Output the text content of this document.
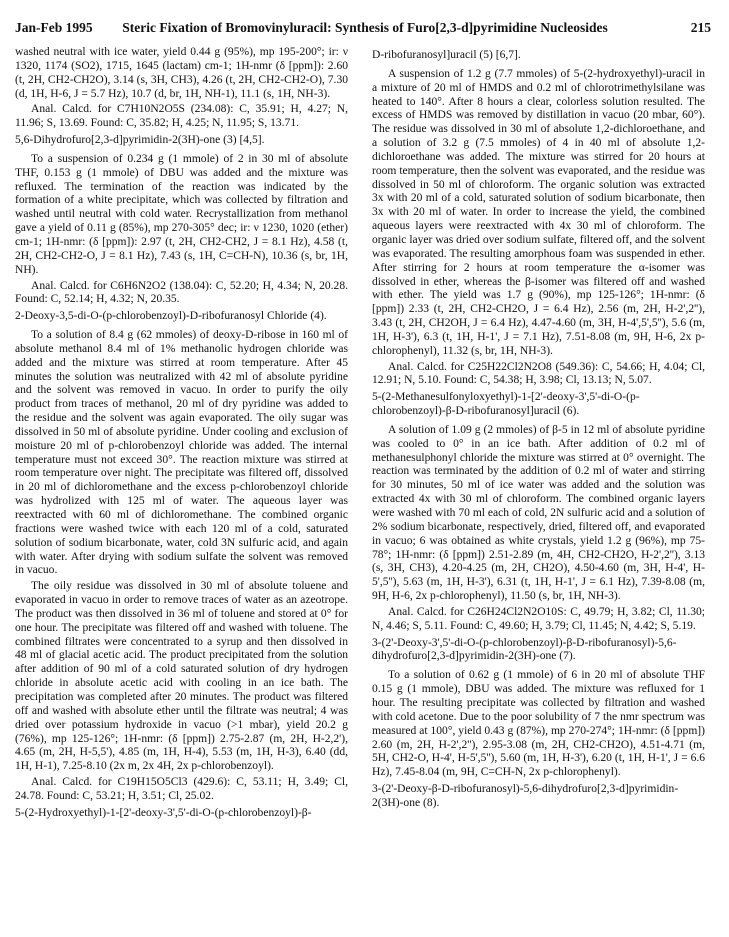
Jan-Feb 1995	Steric Fixation of Bromovinyluracil: Synthesis of Furo[2,3-d]pyrimidine Nucleosides	215

washed neutral with ice water, yield 0.44 g (95%), mp 195-200°; ir: ν 1320, 1174 (SO2), 1715, 1645 (lactam) cm-1; 1H-nmr (δ [ppm]): 2.60 (t, 2H, CH2-CH2O), 3.14 (s, 3H, CH3), 4.26 (t, 2H, CH2-CH2-O), 7.30 (d, 1H, H-6, J = 5.7 Hz), 10.7 (d, br, 1H, NH-1), 11.1 (s, 1H, NH-3).

Anal. Calcd. for C7H10N2O5S (234.08): C, 35.91; H, 4.27; N, 11.96; S, 13.69. Found: C, 35.82; H, 4.25; N, 11.95; S, 13.71.

5,6-Dihydrofuro[2,3-d]pyrimidin-2(3H)-one (3) [4,5].

To a suspension of 0.234 g (1 mmole) of 2 in 30 ml of absolute THF, 0.153 g (1 mmole) of DBU was added and the mixture was refluxed. The termination of the reaction was indicated by the formation of a white precipitate, which was collected by filtration and washed until neutral with cold water. Recrystallization from methanol gave a yield of 0.11 g (85%), mp 270-305° dec; ir: ν 1230, 1020 (ether) cm-1; 1H-nmr: (δ [ppm]): 2.97 (t, 2H, CH2-CH2, J = 8.1 Hz), 4.58 (t, 2H, CH2-CH2-O, J = 8.1 Hz), 7.43 (s, 1H, C=CH-N), 10.36 (s, br, 1H, NH).

Anal. Calcd. for C6H6N2O2 (138.04): C, 52.20; H, 4.34; N, 20.28. Found: C, 52.14; H, 4.32; N, 20.35.

2-Deoxy-3,5-di-O-(p-chlorobenzoyl)-D-ribofuranosyl Chloride (4).

To a solution of 8.4 g (62 mmoles) of deoxy-D-ribose in 160 ml of absolute methanol 8.4 ml of 1% methanolic hydrogen chloride was added and the mixture was stirred at room temperature. After 45 minutes the solution was neutralized with 42 ml of absolute pyridine and the solvent was removed in vacuo. In order to purify the oily product from traces of methanol, 20 ml of dry pyridine was added to the residue and the solvent was again evaporated. The oily sugar was dissolved in 50 ml of absolute pyridine. Under cooling and exclusion of moisture 20 ml of p-chlorobenzoyl chloride was added. The internal temperature must not exceed 30°. The reaction mixture was stirred at room temperature over night. The precipitate was filtered off, dissolved in 20 ml of dichloromethane and the excess p-chlorobenzoyl chloride was hydrolized with 125 ml of water. The aqueous layer was reextracted with 60 ml of dichloromethane. The combined organic fractions were washed twice with each 120 ml of a cold, saturated solution of sodium bicarbonate, water, cold 3N sulfuric acid, and again with water. After drying with sodium sulfate the solvent was removed in vacuo.

The oily residue was dissolved in 30 ml of absolute toluene and evaporated in vacuo in order to remove traces of water as an azeotrope. The product was then dissolved in 36 ml of toluene and stored at 0° for one hour. The precipitate was filtered off and washed with toluene. The combined filtrates were concentrated to a syrup and then dissolved in 48 ml of glacial acetic acid. The product precipitated from the solution after addition of 90 ml of a cold saturated solution of dry hydrogen chloride in absolute acetic acid with cooling in an ice bath. The precipitation was completed after 20 minutes. The product was filtered off and washed with absolute ether until the filtrate was neutral; 4 was dried over potassium hydroxide in vacuo (>1 mbar), yield 20.2 g (76%), mp 125-126°; 1H-nmr: (δ [ppm]) 2.75-2.87 (m, 2H, H-2,2'), 4.65 (m, 2H, H-5,5'), 4.85 (m, 1H, H-4), 5.53 (m, 1H, H-3), 6.40 (dd, 1H, H-1), 7.25-8.10 (2x m, 2x 4H, 2x p-chlorobenzoyl).

Anal. Calcd. for C19H15O5Cl3 (429.6): C, 53.11; H, 3.49; Cl, 24.78. Found: C, 53.21; H, 3.51; Cl, 25.02.

5-(2-Hydroxyethyl)-1-[2'-deoxy-3',5'-di-O-(p-chlorobenzoyl)-β-

D-ribofuranosyl]uracil (5) [6,7].

A suspension of 1.2 g (7.7 mmoles) of 5-(2-hydroxyethyl)-uracil in a mixture of 20 ml of HMDS and 0.2 ml of chlorotrimethylsilane was heated to 140°. After 8 hours a clear, colorless solution resulted. The excess of HMDS was removed by distillation in vacuo (20 mbar, 60°). The residue was dissolved in 30 ml of absolute 1,2-dichloroethane, and a solution of 3.2 g (7.5 mmoles) of 4 in 40 ml of absolute 1,2-dichloroethane was added. The mixture was stirred for 20 hours at room temperature, then the solvent was evaporated, and the residue was dissolved in 50 ml of chloroform. The organic solution was extracted 3x with 20 ml of a cold, saturated solution of sodium bicarbonate, then 3x with 20 ml of water. In order to increase the yield, the combined aqueous layers were reextracted with 4x 30 ml of chloroform. The organic layer was dried over sodium sulfate, filtered off, and the solvent was evaporated. The resulting amorphous foam was suspended in ether. After stirring for 2 hours at room temperature the α-isomer was dissolved in ether, whereas the β-isomer was filtered off and washed with ether. The yield was 1.7 g (90%), mp 125-126°; 1H-nmr: (δ [ppm]) 2.33 (t, 2H, CH2-CH2O, J = 6.4 Hz), 2.56 (m, 2H, H-2',2''), 3.43 (t, 2H, CH2OH, J = 6.4 Hz), 4.47-4.60 (m, 3H, H-4',5',5''), 5.6 (m, 1H, H-3'), 6.3 (t, 1H, H-1', J = 7.1 Hz), 7.51-8.08 (m, 9H, H-6, 2x p-chlorophenyl), 11.32 (s, br, 1H, NH-3).

Anal. Calcd. for C25H22Cl2N2O8 (549.36): C, 54.66; H, 4.04; Cl, 12.91; N, 5.10. Found: C, 54.38; H, 3.98; Cl, 13.13; N, 5.07.

5-(2-Methanesulfonyloxyethyl)-1-[2'-deoxy-3',5'-di-O-(p-chlorobenzoyl)-β-D-ribofuranosyl]uracil (6).

A solution of 1.09 g (2 mmoles) of β-5 in 12 ml of absolute pyridine was cooled to 0° in an ice bath. After addition of 0.2 ml of methanesulphonyl chloride the mixture was stirred at 0° overnight. The reaction was terminated by the addition of 0.2 ml of water and stirring for 30 minutes, 50 ml of ice water was added and the solution was extracted 4x with 30 ml of chloroform. The combined organic layers were washed with 70 ml each of cold, 2N sulfuric acid and a solution of 2% sodium bicarbonate, respectively, dried, filtered off, and evaporated in vacuo; 6 was obtained as white crystals, yield 1.2 g (96%), mp 75-78°; 1H-nmr: (δ [ppm]) 2.51-2.89 (m, 4H, CH2-CH2O, H-2',2''), 3.13 (s, 3H, CH3), 4.20-4.25 (m, 2H, CH2O), 4.50-4.60 (m, 3H, H-4', H-5',5''), 5.63 (m, 1H, H-3'), 6.31 (t, 1H, H-1', J = 6.1 Hz), 7.39-8.08 (m, 9H, H-6, 2x p-chlorophenyl), 11.50 (s, br, 1H, NH-3).

Anal. Calcd. for C26H24Cl2N2O10S: C, 49.79; H, 3.82; Cl, 11.30; N, 4.46; S, 5.11. Found: C, 49.60; H, 3.79; Cl, 11.45; N, 4.42; S, 5.19.

3-(2'-Deoxy-3',5'-di-O-(p-chlorobenzoyl)-β-D-ribofuranosyl)-5,6-dihydrofuro[2,3-d]pyrimidin-2(3H)-one (7).

To a solution of 0.62 g (1 mmole) of 6 in 20 ml of absolute THF 0.15 g (1 mmole), DBU was added. The mixture was refluxed for 1 hour. The resulting precipitate was collected by filtration and washed with cold acetone. Due to the poor solubility of 7 the nmr spectrum was measured at 100°, yield 0.43 g (87%), mp 270-274°; 1H-nmr: (δ [ppm]) 2.60 (m, 2H, H-2',2''), 2.95-3.08 (m, 2H, CH2-CH2O), 4.51-4.71 (m, 5H, CH2-O, H-4', H-5',5''), 5.60 (m, 1H, H-3'), 6.20 (t, 1H, H-1', J = 6.6 Hz), 7.45-8.04 (m, 9H, C=CH-N, 2x p-chlorophenyl).

3-(2'-Deoxy-β-D-ribofuranosyl)-5,6-dihydrofuro[2,3-d]pyrimidin-2(3H)-one (8).
